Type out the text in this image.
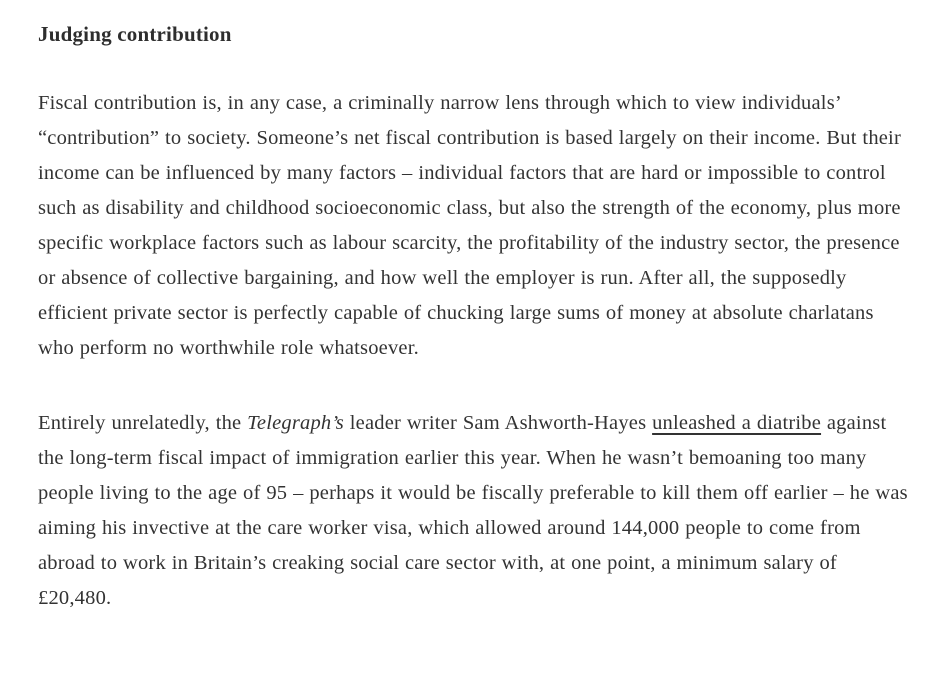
Judging contribution

Fiscal contribution is, in any case, a criminally narrow lens through which to view individuals’ “contribution” to society. Someone’s net fiscal contribution is based largely on their income. But their income can be influenced by many factors – individual factors that are hard or impossible to control such as disability and childhood socioeconomic class, but also the strength of the economy, plus more specific workplace factors such as labour scarcity, the profitability of the industry sector, the presence or absence of collective bargaining, and how well the employer is run. After all, the supposedly efficient private sector is perfectly capable of chucking large sums of money at absolute charlatans who perform no worthwhile role whatsoever.

Entirely unrelatedly, the Telegraph’s leader writer Sam Ashworth-Hayes unleashed a diatribe against the long-term fiscal impact of immigration earlier this year. When he wasn’t bemoaning too many people living to the age of 95 – perhaps it would be fiscally preferable to kill them off earlier – he was aiming his invective at the care worker visa, which allowed around 144,000 people to come from abroad to work in Britain’s creaking social care sector with, at one point, a minimum salary of £20,480.
